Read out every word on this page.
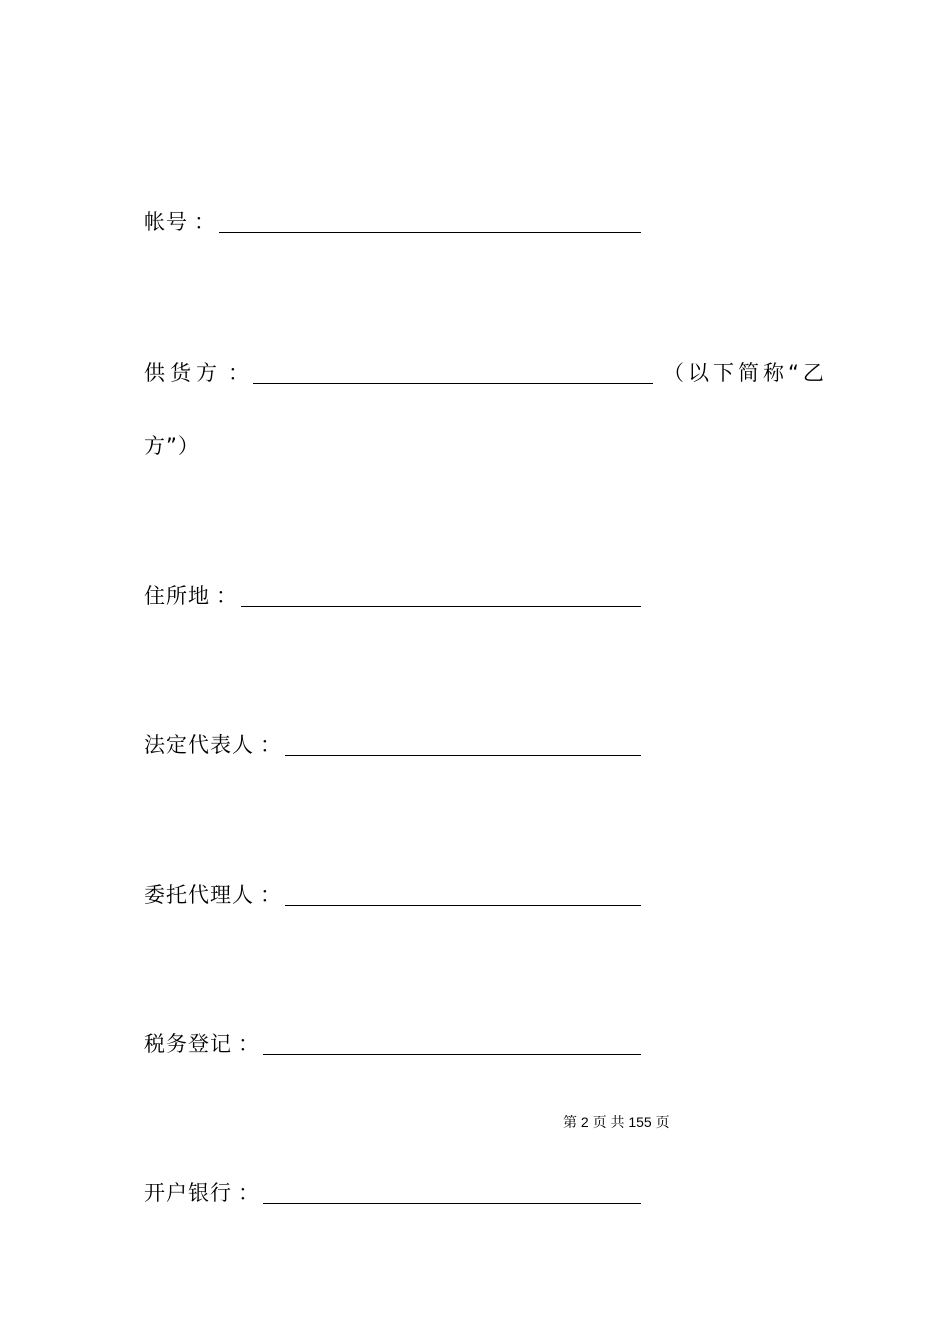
帐号 ：
供货方 ：	（以下简称“乙
方”）
住所地 ：
法定代表人 ：
委托代理人 ：
税务登记 ：
第 2 页 共 155 页
开户银行 ：
